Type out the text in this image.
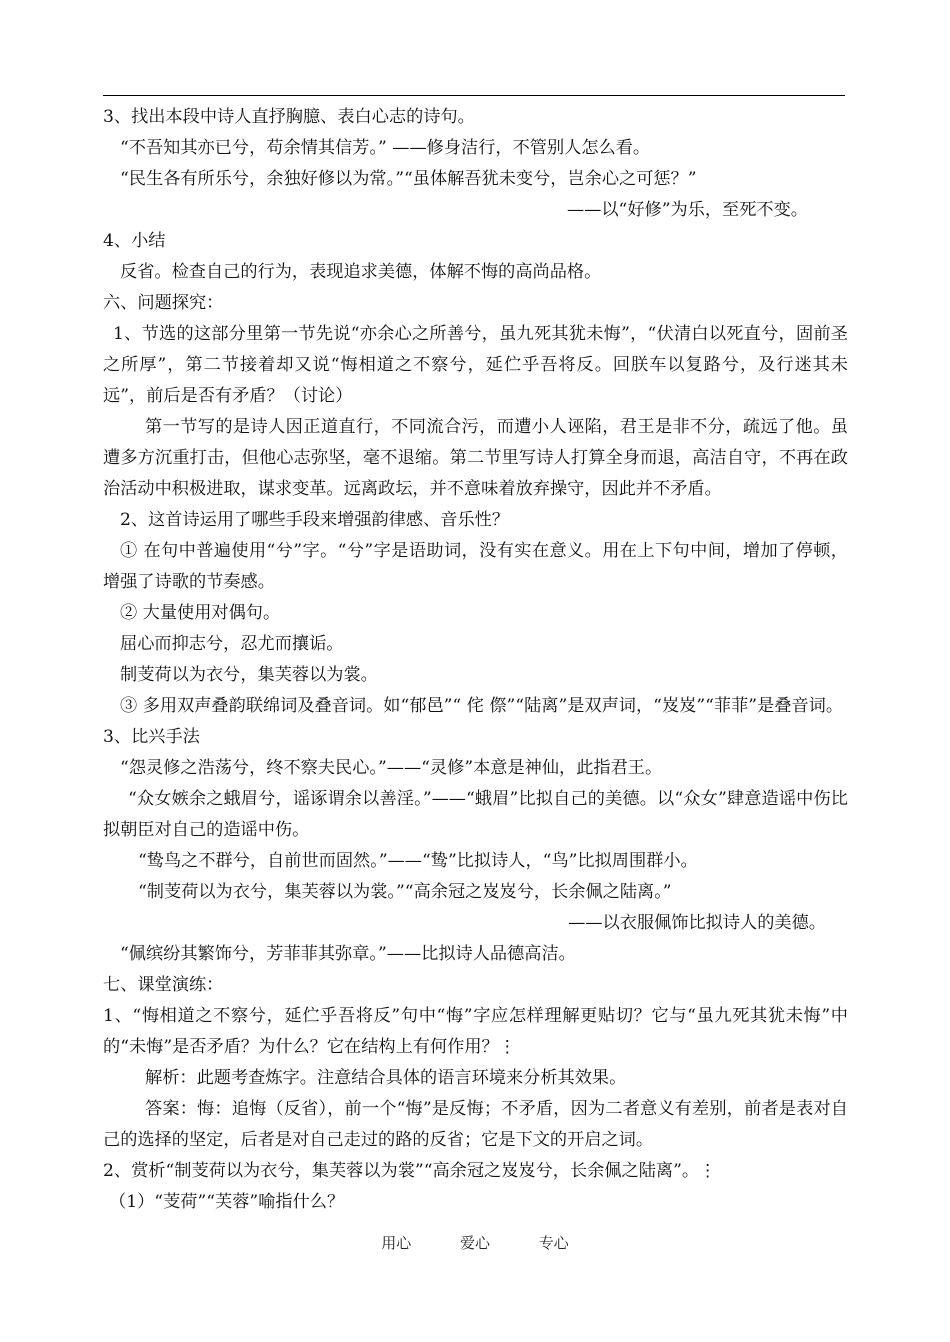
3、找出本段中诗人直抒胸臆、表白心志的诗句。
“不吾知其亦已兮，苟余情其信芳。” ——修身洁行，不管别人怎么看。
“民生各有所乐兮，余独好修以为常。”“虽体解吾犹未变兮，岂余心之可惩？”
——以“好修”为乐，至死不变。
4、小结
反省。检查自己的行为，表现追求美德，体解不悔的高尚品格。
六、问题探究：
1、节选的这部分里第一节先说“亦余心之所善兮，虽九死其犹未悔”，“伏清白以死直兮，固前圣之所厚”，第二节接着却又说“悔相道之不察兮，延伫乎吾将反。回朕车以复路兮，及行迷其未远”，前后是否有矛盾？（讨论）
第一节写的是诗人因正道直行，不同流合污，而遭小人诬陷，君王是非不分，疏远了他。虽遭多方沉重打击，但他心志弥坚，毫不退缩。第二节里写诗人打算全身而退，高洁自守，不再在政治活动中积极进取，谋求变革。远离政坛，并不意味着放弃操守，因此并不矛盾。
2、这首诗运用了哪些手段来增强韵律感、音乐性？
① 在句中普遍使用“兮”字。“兮”字是语助词，没有实在意义。用在上下句中间，增加了停顿，增强了诗歌的节奏感。
② 大量使用对偶句。
屈心而抑志兮，忍尤而攘诟。
制芰荷以为衣兮，集芙蓉以为裳。
③ 多用双声叠韵联绵词及叠音词。如“郁邑”“ 侘 傺”“陆离”是双声词，“岌岌”“菲菲”是叠音词。
3、比兴手法
“怨灵修之浩荡兮，终不察夫民心。”——“灵修”本意是神仙，此指君王。
“众女嫉余之蛾眉兮，谣诼谓余以善淫。”——“蛾眉”比拟自己的美德。以“众女”肆意造谣中伤比拟朝臣对自己的造谣中伤。
“鸷鸟之不群兮，自前世而固然。”——“鸷”比拟诗人，“鸟”比拟周围群小。
“制芰荷以为衣兮，集芙蓉以为裳。”“高余冠之岌岌兮，长余佩之陆离。”
——以衣服佩饰比拟诗人的美德。
“佩缤纷其繁饰兮，芳菲菲其弥章。”——比拟诗人品德高洁。
七、课堂演练：
1、“悔相道之不察兮，延伫乎吾将反”句中“悔”字应怎样理解更贴切？它与“虽九死其犹未悔”中的“未悔”是否矛盾？为什么？它在结构上有何作用？⋮
解析：此题考查炼字。注意结合具体的语言环境来分析其效果。
答案：悔：追悔（反省），前一个“悔”是反悔；不矛盾，因为二者意义有差别，前者是表对自己的选择的坚定，后者是对自己走过的路的反省；它是下文的开启之词。
2、赏析“制芰荷以为衣兮，集芙蓉以为裳”“高余冠之岌岌兮，长余佩之陆离”。⋮
（1）“芰荷”“芙蓉”喻指什么？
用心	爱心	专心
